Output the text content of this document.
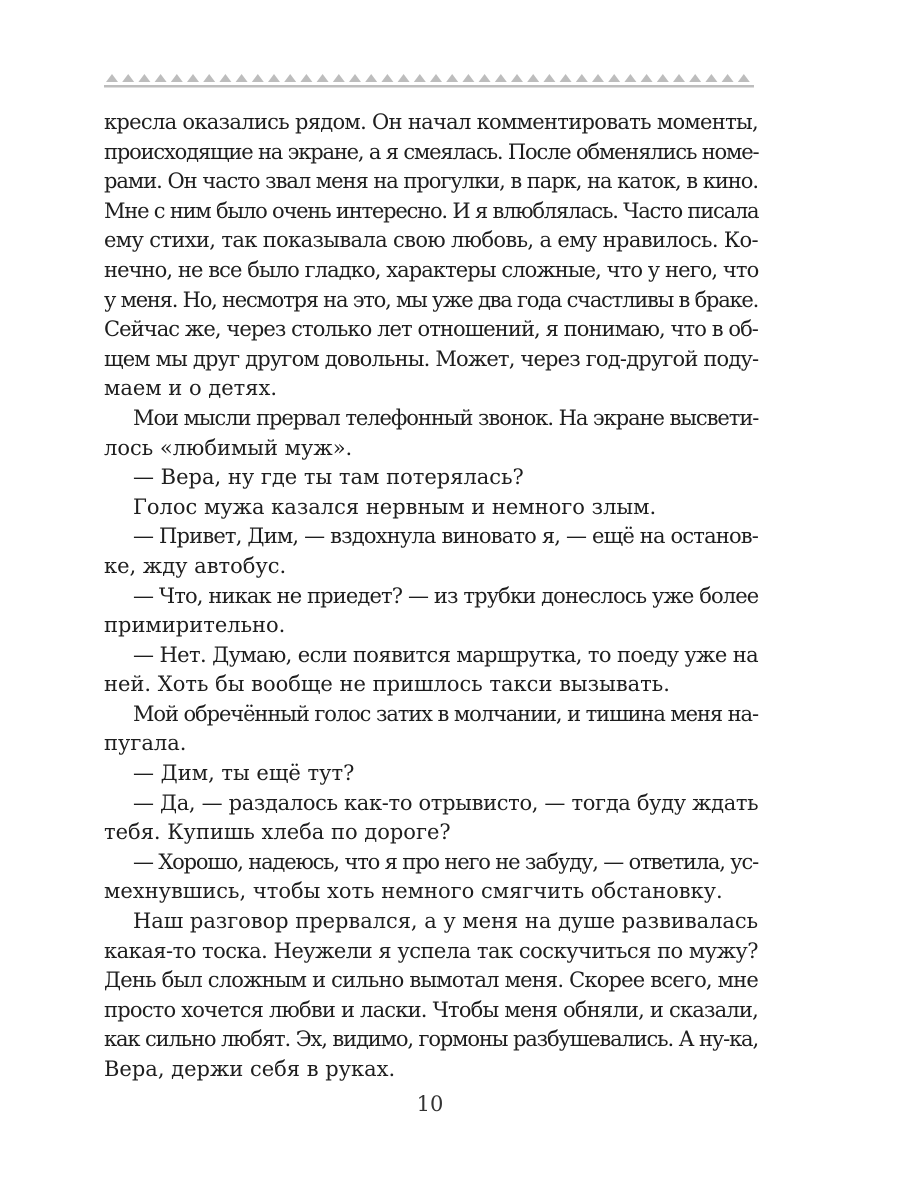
кресла оказались рядом. Он начал комментировать моменты,
происходящие на экране, а я смеялась. После обменялись номе-
рами. Он часто звал меня на прогулки, в парк, на каток, в кино.
Мне с ним было очень интересно. И я влюблялась. Часто писала
ему стихи, так показывала свою любовь, а ему нравилось. Ко-
нечно, не все было гладко, характеры сложные, что у него, что
у меня. Но, несмотря на это, мы уже два года счастливы в браке.
Сейчас же, через столько лет отношений, я понимаю, что в об-
щем мы друг другом довольны. Может, через год-другой поду-
маем и о детях.
Мои мысли прервал телефонный звонок. На экране высвети-
лось «любимый муж».
— Вера, ну где ты там потерялась?
Голос мужа казался нервным и немного злым.
— Привет, Дим, — вздохнула виновато я, — ещё на останов-
ке, жду автобус.
— Что, никак не приедет? — из трубки донеслось уже более
примирительно.
— Нет. Думаю, если появится маршрутка, то поеду уже на
ней. Хоть бы вообще не пришлось такси вызывать.
Мой обречённый голос затих в молчании, и тишина меня на-
пугала.
— Дим, ты ещё тут?
— Да, — раздалось как-то отрывисто, — тогда буду ждать
тебя. Купишь хлеба по дороге?
— Хорошо, надеюсь, что я про него не забуду, — ответила, ус-
мехнувшись, чтобы хоть немного смягчить обстановку.
Наш разговор прервался, а у меня на душе развивалась
какая-то тоска. Неужели я успела так соскучиться по мужу?
День был сложным и сильно вымотал меня. Скорее всего, мне
просто хочется любви и ласки. Чтобы меня обняли, и сказали,
как сильно любят. Эх, видимо, гормоны разбушевались. А ну-ка,
Вера, держи себя в руках.
10
